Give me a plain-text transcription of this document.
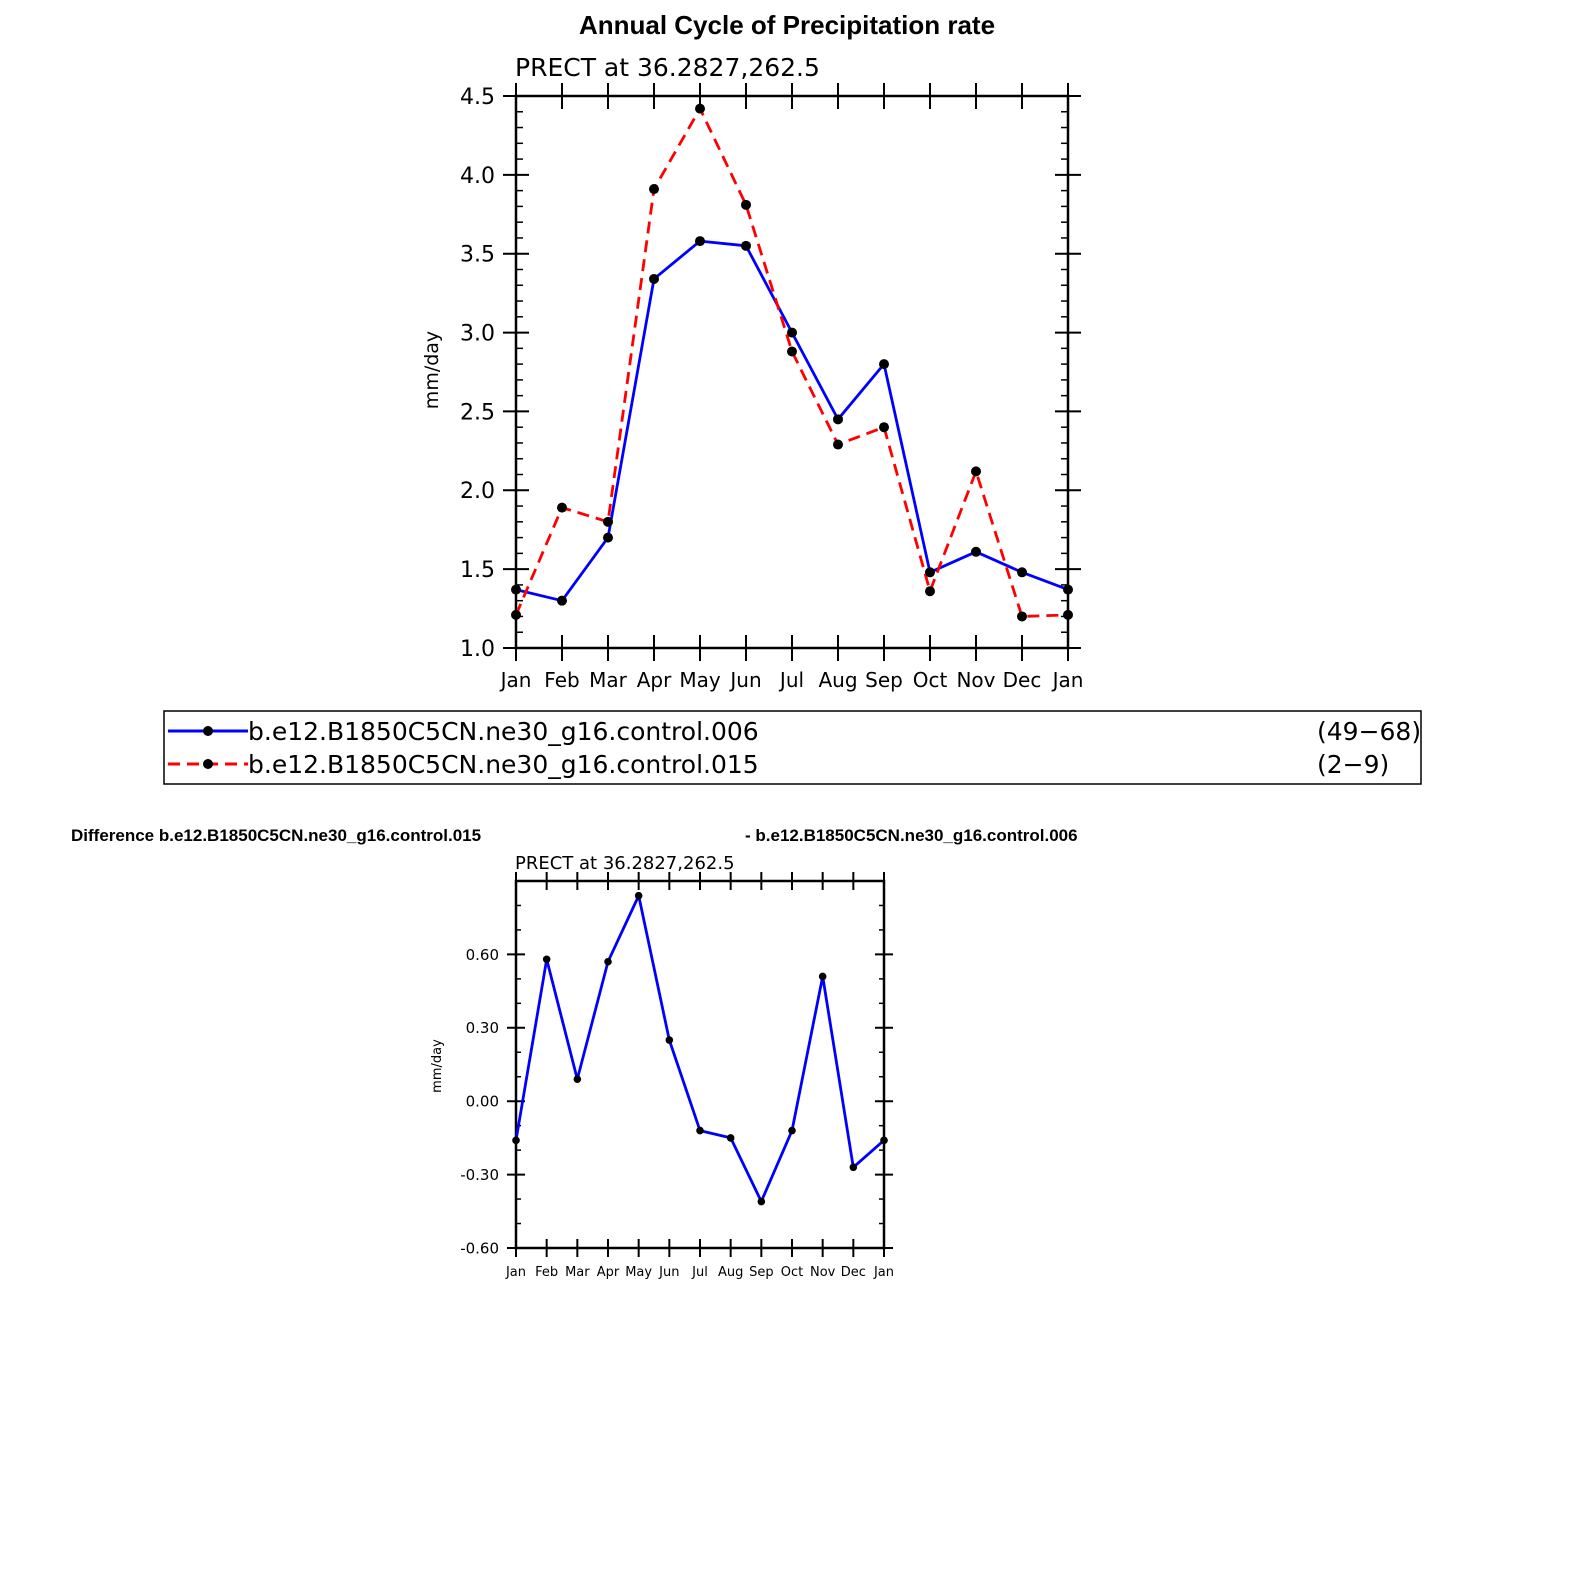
Annual Cycle of Precipitation rate
PRECT at 36.2827,262.5
mm/day
1.0
1.5
2.0
2.5
3.0
3.5
4.0
4.5
Jan Feb Mar Apr May Jun Jul Aug Sep Oct Nov Dec Jan
b.e12.B1850C5CN.ne30_g16.control.006	(49−68)
b.e12.B1850C5CN.ne30_g16.control.015	(2−9)
Difference b.e12.B1850C5CN.ne30_g16.control.015	- b.e12.B1850C5CN.ne30_g16.control.006
PRECT at 36.2827,262.5
mm/day
-0.60
-0.30
0.00
0.30
0.60
Jan Feb Mar Apr May Jun Jul Aug Sep Oct Nov Dec Jan
